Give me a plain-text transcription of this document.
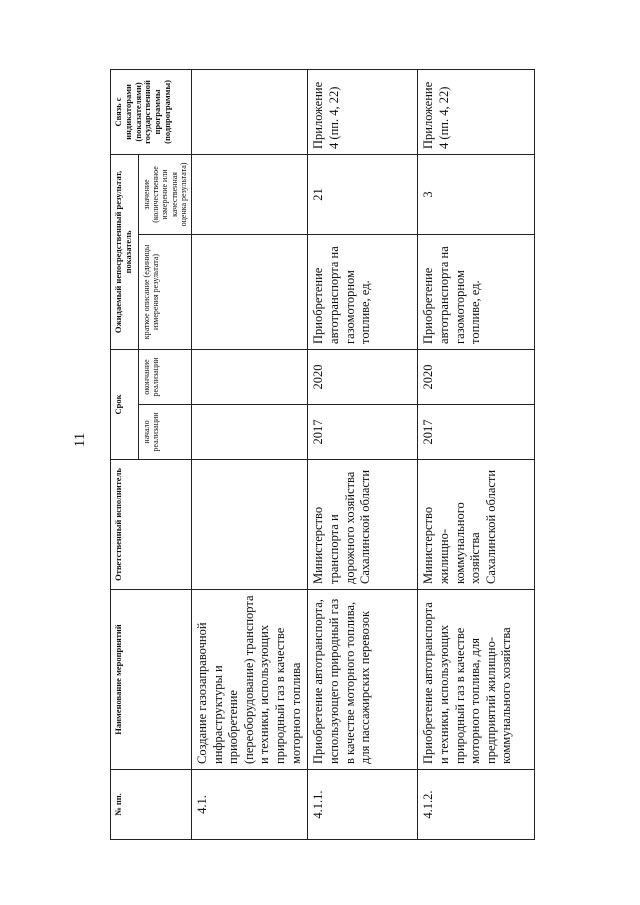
11
№ пп.	Наименование мероприятий	Ответственный исполнитель	Срок		Ожидаемый непосредственный результат, показатель		Связь с индикаторами (показателями) государственной программы (подпрограммы)
			начало реализации	окончание реализации	краткое описание (единицы измерения результата)	значение (количественное измерение или качественная оценка результата)	
4.1.	Создание газозаправочной инфраструктуры и приобретение (переоборудование) транспорта и техники, использующих природный газ в качестве моторного топлива						
4.1.1.	Приобретение автотранспорта, использующего природный газ в качестве моторного топлива, для пассажирских перевозок	Министерство транспорта и дорожного хозяйства Сахалинской области	2017	2020	Приобретение автотранспорта на газомоторном топливе, ед.	21	Приложение 4 (пп. 4, 22)
4.1.2.	Приобретение автотранспорта и техники, использующих природный газ в качестве моторного топлива, для предприятий жилищно-коммунального хозяйства	Министерство жилищно-коммунального хозяйства Сахалинской области	2017	2020	Приобретение автотранспорта на газомоторном топливе, ед.	3	Приложение 4 (пп. 4, 22)
